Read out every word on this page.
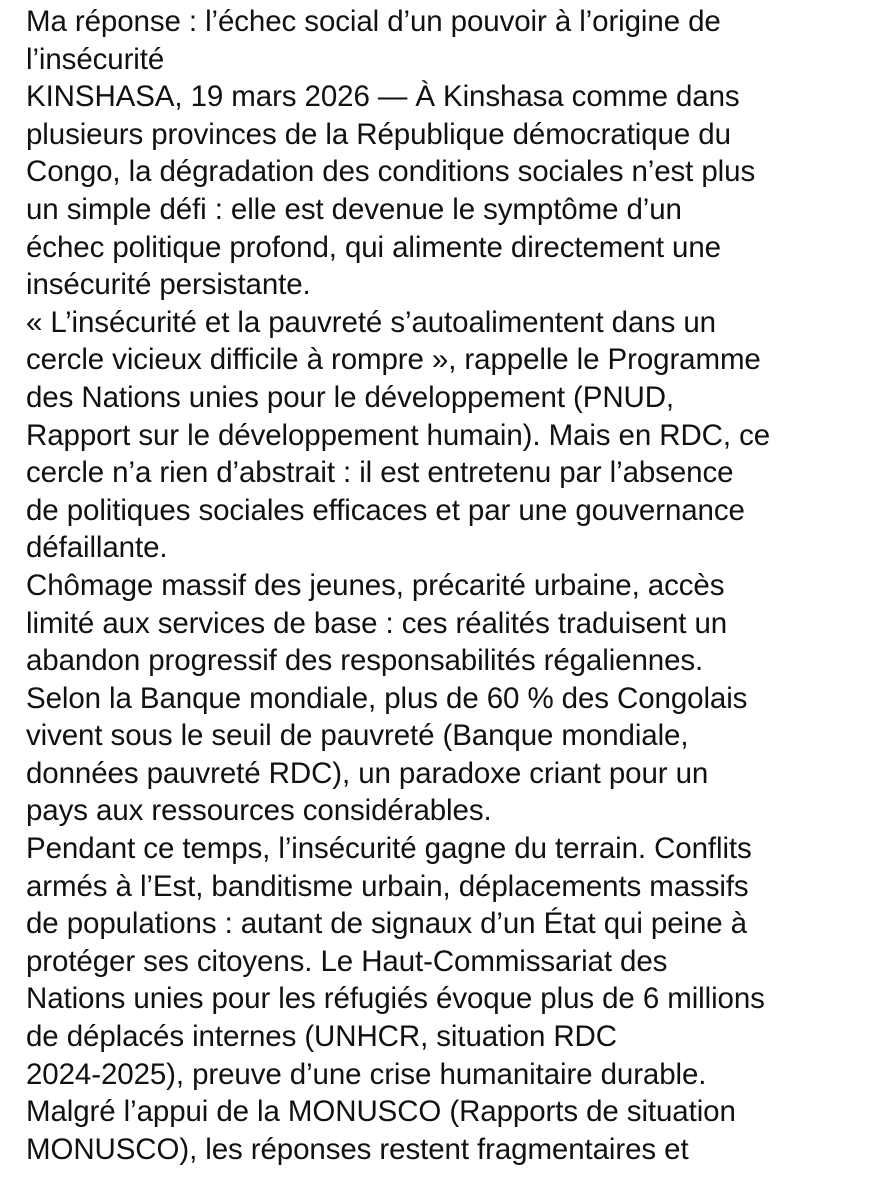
Ma réponse : l’échec social d’un pouvoir à l’origine de
l’insécurité
KINSHASA, 19 mars 2026 — À Kinshasa comme dans
plusieurs provinces de la République démocratique du
Congo, la dégradation des conditions sociales n’est plus
un simple défi : elle est devenue le symptôme d’un
échec politique profond, qui alimente directement une
insécurité persistante.
« L’insécurité et la pauvreté s’autoalimentent dans un
cercle vicieux difficile à rompre », rappelle le Programme
des Nations unies pour le développement (PNUD,
Rapport sur le développement humain). Mais en RDC, ce
cercle n’a rien d’abstrait : il est entretenu par l’absence
de politiques sociales efficaces et par une gouvernance
défaillante.
Chômage massif des jeunes, précarité urbaine, accès
limité aux services de base : ces réalités traduisent un
abandon progressif des responsabilités régaliennes.
Selon la Banque mondiale, plus de 60 % des Congolais
vivent sous le seuil de pauvreté (Banque mondiale,
données pauvreté RDC), un paradoxe criant pour un
pays aux ressources considérables.
Pendant ce temps, l’insécurité gagne du terrain. Conflits
armés à l’Est, banditisme urbain, déplacements massifs
de populations : autant de signaux d’un État qui peine à
protéger ses citoyens. Le Haut-Commissariat des
Nations unies pour les réfugiés évoque plus de 6 millions
de déplacés internes (UNHCR, situation RDC
2024-2025), preuve d’une crise humanitaire durable.
Malgré l’appui de la MONUSCO (Rapports de situation
MONUSCO), les réponses restent fragmentaires et
